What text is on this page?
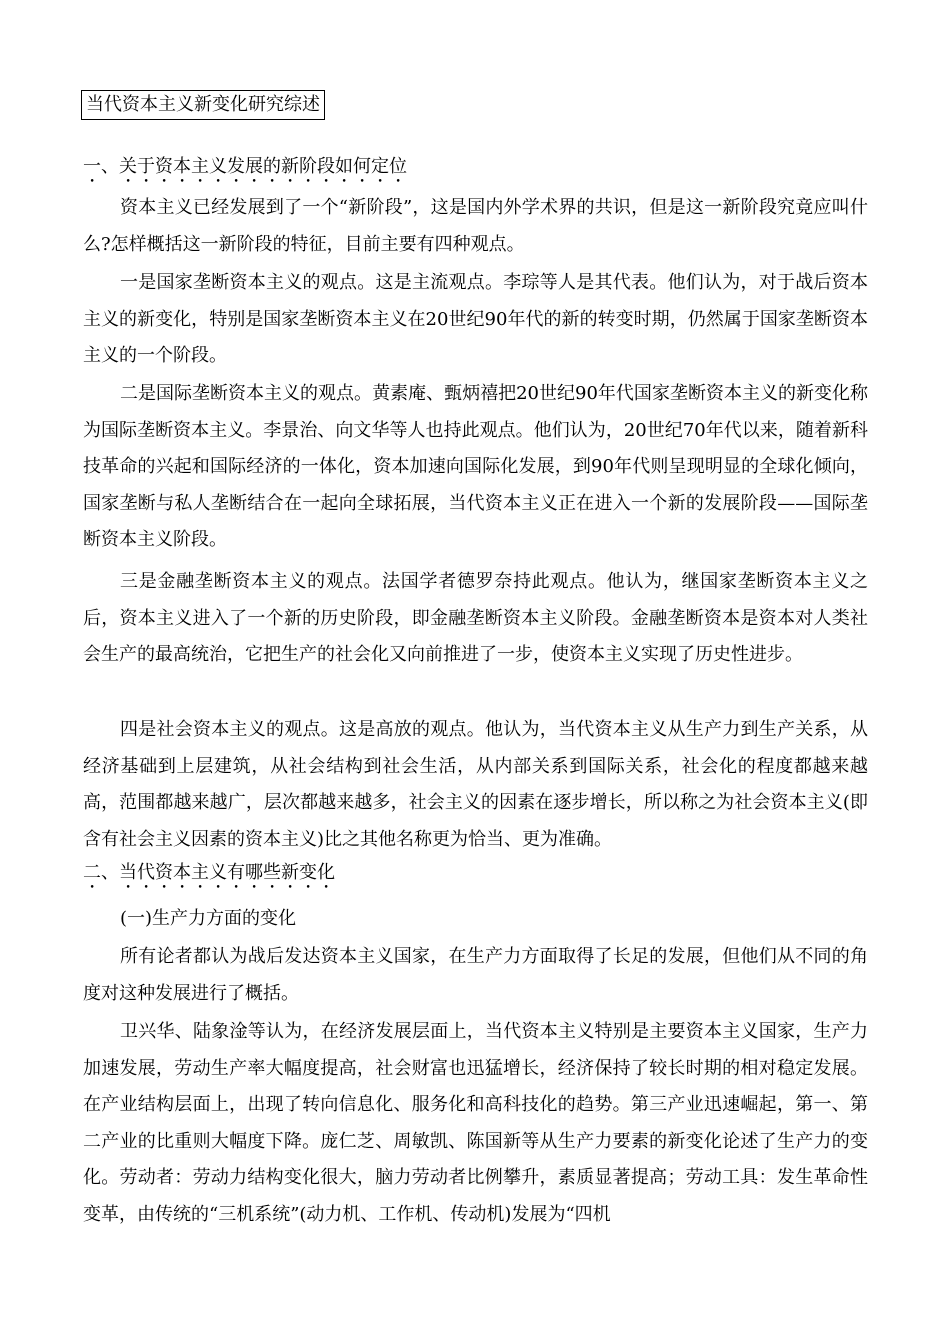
当代资本主义新变化研究综述
一、关于资本主义发展的新阶段如何定位

资本主义已经发展到了一个“新阶段”，这是国内外学术界的共识，但是这一新阶段究竟应叫什么?怎样概括这一新阶段的特征，目前主要有四种观点。

一是国家垄断资本主义的观点。这是主流观点。李琮等人是其代表。他们认为，对于战后资本主义的新变化，特别是国家垄断资本主义在20世纪90年代的新的转变时期，仍然属于国家垄断资本主义的一个阶段。

二是国际垄断资本主义的观点。黄素庵、甄炳禧把20世纪90年代国家垄断资本主义的新变化称为国际垄断资本主义。李景治、向文华等人也持此观点。他们认为，20世纪70年代以来，随着新科技革命的兴起和国际经济的一体化，资本加速向国际化发展，到90年代则呈现明显的全球化倾向，国家垄断与私人垄断结合在一起向全球拓展，当代资本主义正在进入一个新的发展阶段——国际垄断资本主义阶段。

三是金融垄断资本主义的观点。法国学者德罗奈持此观点。他认为，继国家垄断资本主义之后，资本主义进入了一个新的历史阶段，即金融垄断资本主义阶段。金融垄断资本是资本对人类社会生产的最高统治，它把生产的社会化又向前推进了一步，使资本主义实现了历史性进步。

四是社会资本主义的观点。这是高放的观点。他认为，当代资本主义从生产力到生产关系，从经济基础到上层建筑，从社会结构到社会生活，从内部关系到国际关系，社会化的程度都越来越高，范围都越来越广，层次都越来越多，社会主义的因素在逐步增长，所以称之为社会资本主义(即含有社会主义因素的资本主义)比之其他名称更为恰当、更为准确。

二、当代资本主义有哪些新变化
(一)生产力方面的变化

所有论者都认为战后发达资本主义国家，在生产力方面取得了长足的发展，但他们从不同的角度对这种发展进行了概括。

卫兴华、陆象淦等认为，在经济发展层面上，当代资本主义特别是主要资本主义国家，生产力加速发展，劳动生产率大幅度提高，社会财富也迅猛增长，经济保持了较长时期的相对稳定发展。在产业结构层面上，出现了转向信息化、服务化和高科技化的趋势。第三产业迅速崛起，第一、第二产业的比重则大幅度下降。庞仁芝、周敏凯、陈国新等从生产力要素的新变化论述了生产力的变化。劳动者：劳动力结构变化很大，脑力劳动者比例攀升，素质显著提高；劳动工具：发生革命性变革，由传统的“三机系统”(动力机、工作机、传动机)发展为“四机
